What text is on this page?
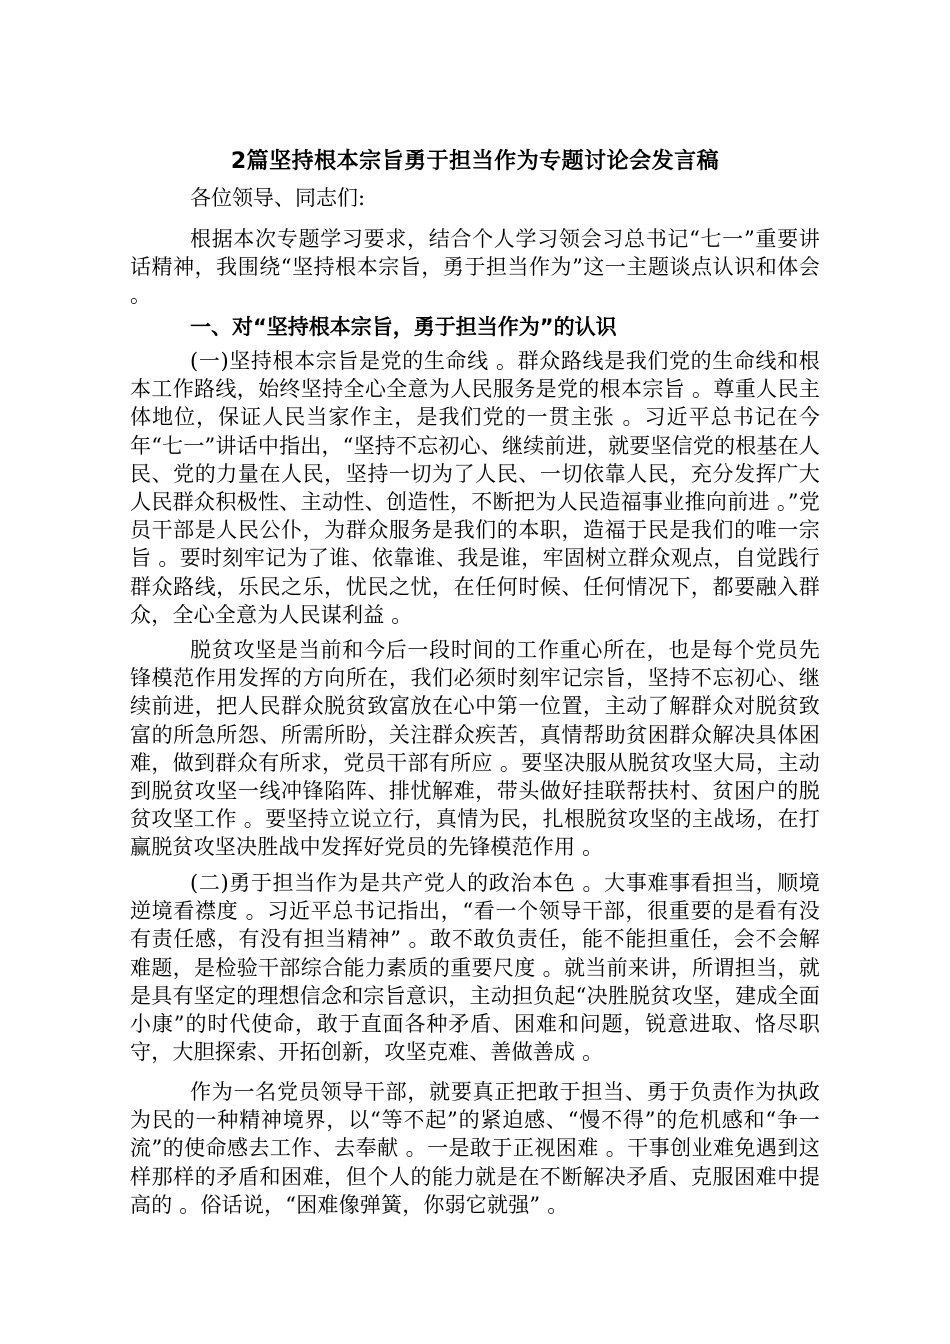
2篇坚持根本宗旨勇于担当作为专题讨论会发言稿
各位领导、同志们:

根据本次专题学习要求，结合个人学习领会习总书记“七一”重要讲话精神，我围绕“坚持根本宗旨，勇于担当作为”这一主题谈点认识和体会 。

一、对“坚持根本宗旨，勇于担当作为”的认识

(一)坚持根本宗旨是党的生命线 。群众路线是我们党的生命线和根本工作路线，始终坚持全心全意为人民服务是党的根本宗旨 。尊重人民主体地位，保证人民当家作主，是我们党的一贯主张 。习近平总书记在今年“七一”讲话中指出，“坚持不忘初心、继续前进，就要坚信党的根基在人民、党的力量在人民，坚持一切为了人民、一切依靠人民，充分发挥广大人民群众积极性、主动性、创造性，不断把为人民造福事业推向前进 。”党员干部是人民公仆，为群众服务是我们的本职，造福于民是我们的唯一宗旨 。要时刻牢记为了谁、依靠谁、我是谁，牢固树立群众观点，自觉践行群众路线，乐民之乐，忧民之忧，在任何时候、任何情况下，都要融入群众，全心全意为人民谋利益 。

脱贫攻坚是当前和今后一段时间的工作重心所在，也是每个党员先锋模范作用发挥的方向所在，我们必须时刻牢记宗旨，坚持不忘初心、继续前进，把人民群众脱贫致富放在心中第一位置，主动了解群众对脱贫致富的所急所怨、所需所盼，关注群众疾苦，真情帮助贫困群众解决具体困难，做到群众有所求，党员干部有所应 。要坚决服从脱贫攻坚大局，主动到脱贫攻坚一线冲锋陷阵、排忧解难，带头做好挂联帮扶村、贫困户的脱贫攻坚工作 。要坚持立说立行，真情为民，扎根脱贫攻坚的主战场，在打赢脱贫攻坚决胜战中发挥好党员的先锋模范作用 。

(二)勇于担当作为是共产党人的政治本色 。大事难事看担当，顺境逆境看襟度 。习近平总书记指出，“看一个领导干部，很重要的是看有没有责任感，有没有担当精神” 。敢不敢负责任，能不能担重任，会不会解难题，是检验干部综合能力素质的重要尺度 。就当前来讲，所谓担当，就是具有坚定的理想信念和宗旨意识，主动担负起“决胜脱贫攻坚，建成全面小康”的时代使命，敢于直面各种矛盾、困难和问题，锐意进取、恪尽职守，大胆探索、开拓创新，攻坚克难、善做善成 。

作为一名党员领导干部，就要真正把敢于担当、勇于负责作为执政为民的一种精神境界，以“等不起”的紧迫感、“慢不得”的危机感和“争一流”的使命感去工作、去奉献 。一是敢于正视困难 。干事创业难免遇到这样那样的矛盾和困难，但个人的能力就是在不断解决矛盾、克服困难中提高的 。俗话说，“困难像弹簧，你弱它就强” 。
